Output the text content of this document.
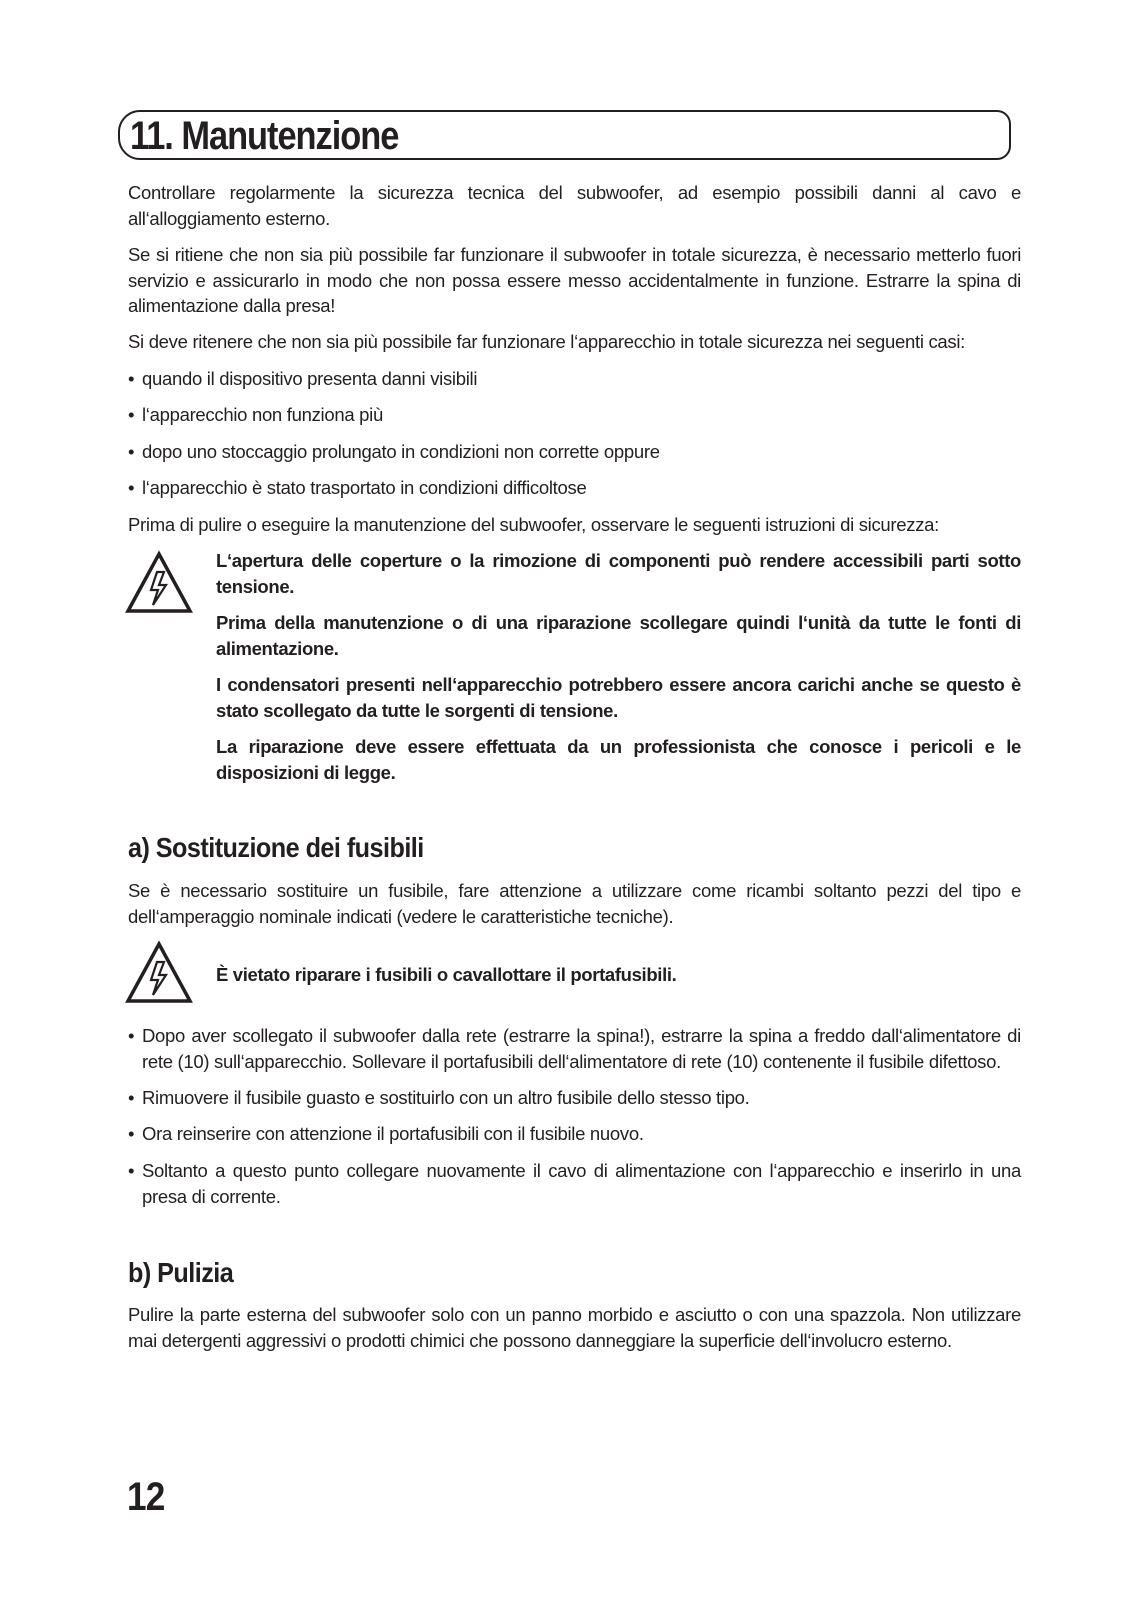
11. Manutenzione

Controllare regolarmente la sicurezza tecnica del subwoofer, ad esempio possibili danni al cavo e all‘alloggiamento esterno.

Se si ritiene che non sia più possibile far funzionare il subwoofer in totale sicurezza, è necessario metterlo fuori servizio e assicurarlo in modo che non possa essere messo accidentalmente in funzione. Estrarre la spina di alimentazione dalla presa!

Si deve ritenere che non sia più possibile far funzionare l‘apparecchio in totale sicurezza nei seguenti casi:

• quando il dispositivo presenta danni visibili
• l‘apparecchio non funziona più
• dopo uno stoccaggio prolungato in condizioni non corrette oppure
• l‘apparecchio è stato trasportato in condizioni difficoltose

Prima di pulire o eseguire la manutenzione del subwoofer, osservare le seguenti istruzioni di sicurezza:

L‘apertura delle coperture o la rimozione di componenti può rendere accessibili parti sotto tensione.

Prima della manutenzione o di una riparazione scollegare quindi l‘unità da tutte le fonti di alimentazione.

I condensatori presenti nell‘apparecchio potrebbero essere ancora carichi anche se questo è stato scollegato da tutte le sorgenti di tensione.

La riparazione deve essere effettuata da un professionista che conosce i pericoli e le disposizioni di legge.

a) Sostituzione dei fusibili

Se è necessario sostituire un fusibile, fare attenzione a utilizzare come ricambi soltanto pezzi del tipo e dell‘amperaggio nominale indicati (vedere le caratteristiche tecniche).

È vietato riparare i fusibili o cavallottare il portafusibili.

• Dopo aver scollegato il subwoofer dalla rete (estrarre la spina!), estrarre la spina a freddo dall‘alimentatore di rete (10) sull‘apparecchio. Sollevare il portafusibili dell‘alimentatore di rete (10) contenente il fusibile difettoso.
• Rimuovere il fusibile guasto e sostituirlo con un altro fusibile dello stesso tipo.
• Ora reinserire con attenzione il portafusibili con il fusibile nuovo.
• Soltanto a questo punto collegare nuovamente il cavo di alimentazione con l‘apparecchio e inserirlo in una presa di corrente.
b) Pulizia

Pulire la parte esterna del subwoofer solo con un panno morbido e asciutto o con una spazzola. Non utilizzare mai detergenti aggressivi o prodotti chimici che possono danneggiare la superficie dell‘involucro esterno.

12
